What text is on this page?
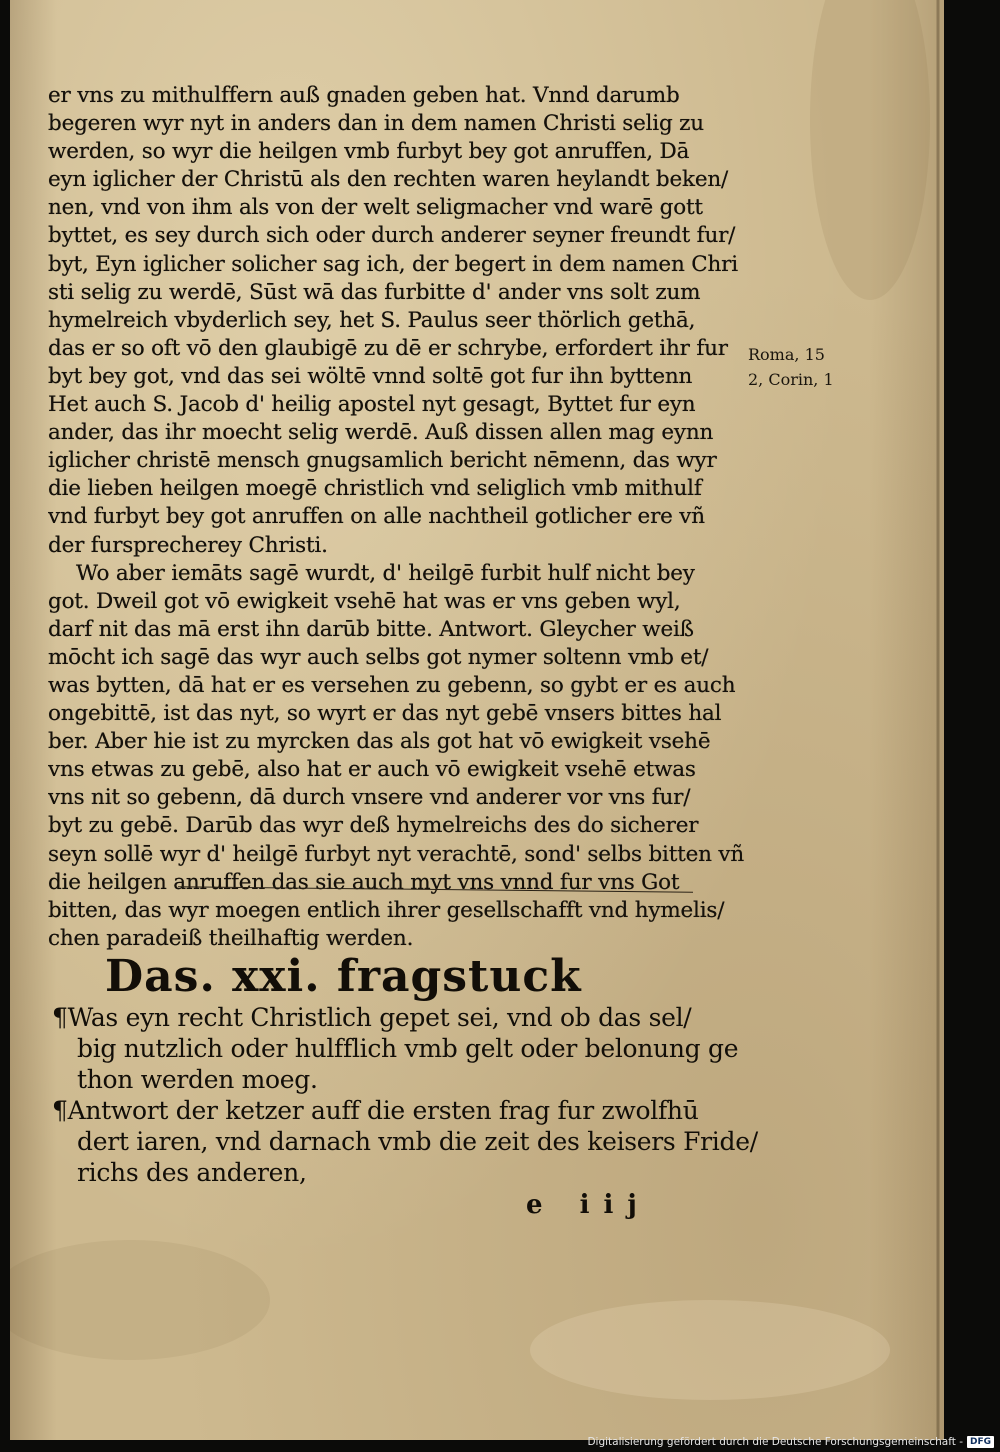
er vns zu mithulffern auß gnaden geben hat. Vnnd darumb
begeren wyr nyt in anders dan in dem namen Christi selig zu
werden, so wyr die heilgen vmb furbyt bey got anruffen, Dā
eyn iglicher der Christū als den rechten waren heylandt beken/
nen, vnd von ihm als von der welt seligmacher vnd warē gott
byttet, es sey durch sich oder durch anderer seyner freundt fur/
byt, Eyn iglicher solicher sag ich, der begert in dem namen Chri
sti selig zu werdē, Sūst wā das furbitte d' ander vns solt zum
hymelreich vbyderlich sey, het S. Paulus seer thörlich gethā,
das er so oft vō den glaubigē zu dē er schrybe, erfordert ihr fur
byt bey got, vnd das sei wöltē vnnd soltē got fur ihn byttenn
Het auch S. Jacob d' heilig apostel nyt gesagt, Byttet fur eyn
ander, das ihr moecht selig werdē. Auß dissen allen mag eynn
iglicher christē mensch gnugsamlich bericht nēmenn, das wyr
die lieben heilgen moegē christlich vnd seliglich vmb mithulf
vnd furbyt bey got anruffen on alle nachtheil gotlicher ere vñ
der fursprecherey Christi.
Wo aber iemāts sagē wurdt, d' heilgē furbit hulf nicht bey
got. Dweil got vō ewigkeit vsehē hat was er vns geben wyl,
darf nit das mā erst ihn darūb bitte. Antwort. Gleycher weiß
mōcht ich sagē das wyr auch selbs got nymer soltenn vmb et/
was bytten, dā hat er es versehen zu gebenn, so gybt er es auch
ongebittē, ist das nyt, so wyrt er das nyt gebē vnsers bittes hal
ber. Aber hie ist zu myrcken das als got hat vō ewigkeit vsehē
vns etwas zu gebē, also hat er auch vō ewigkeit vsehē etwas
vns nit so gebenn, dā durch vnsere vnd anderer vor vns fur/
byt zu gebē. Darūb das wyr deß hymelreichs des do sicherer
seyn sollē wyr d' heilgē furbyt nyt verachtē, sond' selbs bitten vñ
die heilgen anruffen das sie auch myt vns vnnd fur vns Got
bitten, das wyr moegen entlich ihrer gesellschafft vnd hymelis/
chen paradeiß theilhaftig werden.
Roma, 15
2, Corin, 1
Das. xxi. fragstuck
¶Was eyn recht Christlich gepet sei, vnd ob das sel/
big nutzlich oder hulfflich vmb gelt oder belonung ge
thon werden moeg.
¶Antwort der ketzer auff die ersten frag fur zwolfhū
dert iaren, vnd darnach vmb die zeit des keisers Fride/
richs des anderen,
e iij
Digitalisierung gefördert durch die Deutsche Forschungsgemeinschaft - DFG
